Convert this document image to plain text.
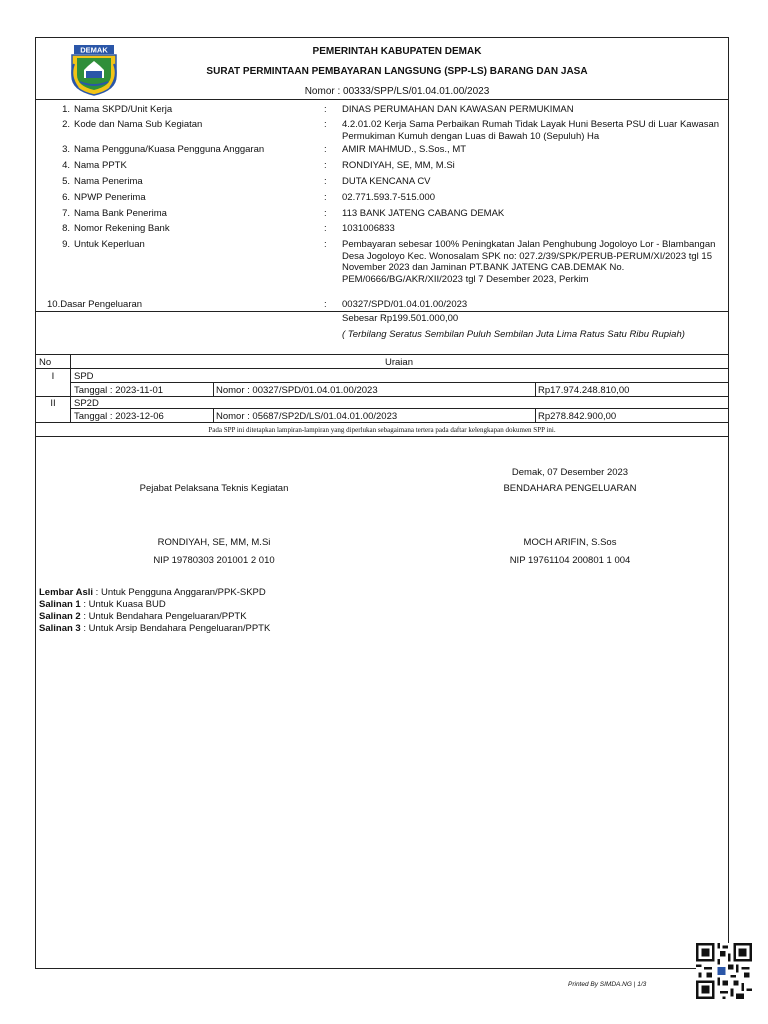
DEMAK	PEMERINTAH KABUPATEN DEMAK
SURAT PERMINTAAN PEMBAYARAN LANGSUNG (SPP-LS) BARANG DAN JASA
Nomor : 00333/SPP/LS/01.04.01.00/2023
1. Nama SKPD/Unit Kerja	: DINAS PERUMAHAN DAN KAWASAN PERMUKIMAN
2. Kode dan Nama Sub Kegiatan	: 4.2.01.02 Kerja Sama Perbaikan Rumah Tidak Layak Huni Beserta PSU di Luar Kawasan Permukiman Kumuh dengan Luas di Bawah 10 (Sepuluh) Ha
3. Nama Pengguna/Kuasa Pengguna Anggaran	: AMIR MAHMUD., S.Sos., MT
4. Nama PPTK	: RONDIYAH, SE, MM, M.Si
5. Nama Penerima	: DUTA KENCANA CV
6. NPWP Penerima	: 02.771.593.7-515.000
7. Nama Bank Penerima	: 113 BANK JATENG CABANG DEMAK
8. Nomor Rekening Bank	: 1031006833
9. Untuk Keperluan	: Pembayaran sebesar 100% Peningkatan Jalan Penghubung Jogoloyo Lor - Blambangan Desa Jogoloyo Kec. Wonosalam SPK no: 027.2/39/SPK/PERUB-PERUM/XI/2023 tgl 15 November 2023 dan Jaminan PT.BANK JATENG CAB.DEMAK No. PEM/0666/BG/AKR/XII/2023 tgl 7 Desember 2023, Perkim
10.Dasar Pengeluaran	: 00327/SPD/01.04.01.00/2023
Sebesar Rp199.501.000,00
( Terbilang Seratus Sembilan Puluh Sembilan Juta Lima Ratus Satu Ribu Rupiah)
No	Uraian
I	SPD
Tanggal : 2023-11-01	Nomor : 00327/SPD/01.04.01.00/2023	Rp17.974.248.810,00
II	SP2D
Tanggal : 2023-12-06	Nomor : 05687/SP2D/LS/01.04.01.00/2023	Rp278.842.900,00
Pada SPP ini ditetapkan lampiran-lampiran yang diperlukan sebagaimana tertera pada daftar kelengkapan dokumen SPP ini.
Demak, 07 Desember 2023
Pejabat Pelaksana Teknis Kegiatan	BENDAHARA PENGELUARAN
RONDIYAH, SE, MM, M.Si	MOCH ARIFIN, S.Sos
NIP 19780303 201001 2 010	NIP 19761104 200801 1 004
Lembar Asli : Untuk Pengguna Anggaran/PPK-SKPD
Salinan 1 : Untuk Kuasa BUD
Salinan 2 : Untuk Bendahara Pengeluaran/PPTK
Salinan 3 : Untuk Arsip Bendahara Pengeluaran/PPTK
Printed By SIMDA.NG | 1/3
